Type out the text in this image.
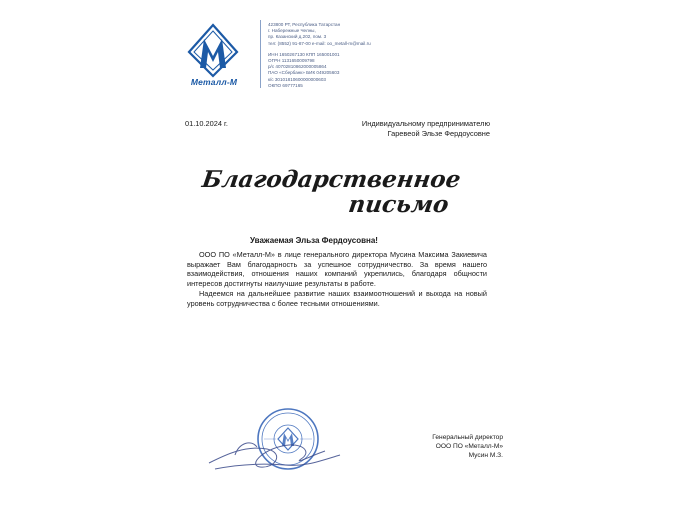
Металл-М
423800 РТ, Республика Татарстан
г. Набережные Челны,
пр. Казанский д.202, пом. 3
тел: (8552) 91-87-00 e-mail: oo_metall-m@mail.ru
ИНН 1650267130 КПП 165001001
ОГРН 1131650009798
р/с 40702810862000005864
ПАО «Сбербанк» БИК 049205603
к/с 30101810600000000603
ОКПО 69777165
01.10.2024 г.	Индивидуальному предпринимателю
Гаревеой Эльзе Фердоусовне
Благодарственное
письмо
Уважаемая Эльза Фердоусовна!

ООО ПО «Металл-М» в лице генерального директора Мусина Максима Закиевича выражает Вам благодарность за успешное сотрудничество. За время нашего взаимодействия, отношения наших компаний укрепились, благодаря общности интересов достигнуты наилучшие результаты в работе.

Надеемся на дальнейшее развитие наших взаимоотношений и выхода на новый уровень сотрудничества с более тесными отношениями.

Генеральный директор
ООО ПО «Металл-М»
Мусин М.З.
